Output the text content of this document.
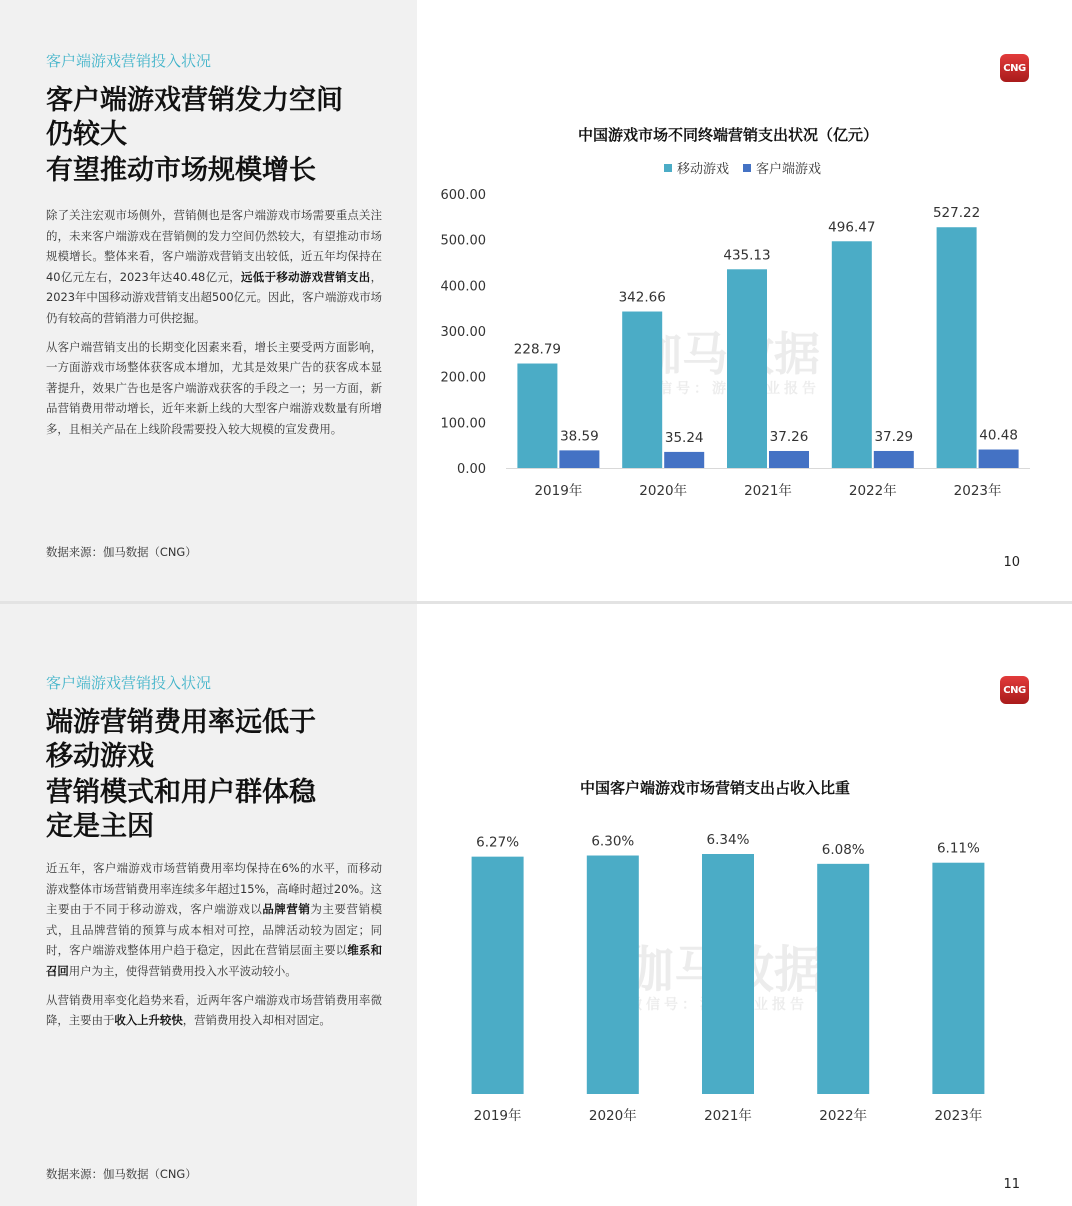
客户端游戏营销投入状况
客户端游戏营销发力空间
仍较大
有望推动市场规模增长

除了关注宏观市场侧外，营销侧也是客户端游戏市场需要重点关注的，未来客户端游戏在营销侧的发力空间仍然较大，有望推动市场规模增长。整体来看，客户端游戏营销支出较低，近五年均保持在40亿元左右，2023年达40.48亿元，远低于移动游戏营销支出，2023年中国移动游戏营销支出超500亿元。因此，客户端游戏市场仍有较高的营销潜力可供挖掘。

从客户端营销支出的长期变化因素来看，增长主要受两方面影响，一方面游戏市场整体获客成本增加，尤其是效果广告的获客成本显著提升，效果广告也是客户端游戏获客的手段之一；另一方面，新品营销费用带动增长，近年来新上线的大型客户端游戏数量有所增多，且相关产品在上线阶段需要投入较大规模的宣发费用。

数据来源：伽马数据（CNG）
CNG
中国游戏市场不同终端营销支出状况（亿元）
移动游戏 客户端游戏
0.00
100.00
200.00
300.00
400.00
500.00
600.00
228.79
38.59
2019年
342.66
35.24
2020年
435.13
37.26
2021年
496.47
37.29
2022年
527.22
40.48
2023年
10
客户端游戏营销投入状况
端游营销费用率远低于
移动游戏
营销模式和用户群体稳
定是主因

近五年，客户端游戏市场营销费用率均保持在6%的水平，而移动游戏整体市场营销费用率连续多年超过15%，高峰时超过20%。这主要由于不同于移动游戏，客户端游戏以品牌营销为主要营销模式，且品牌营销的预算与成本相对可控，品牌活动较为固定；同时，客户端游戏整体用户趋于稳定，因此在营销层面主要以维系和召回用户为主，使得营销费用投入水平波动较小。

从营销费用率变化趋势来看，近两年客户端游戏市场营销费用率微降，主要由于收入上升较快，营销费用投入却相对固定。

数据来源：伽马数据（CNG）
CNG
中国客户端游戏市场营销支出占收入比重
6.27%
2019年
6.30%
2020年
6.34%
2021年
6.08%
2022年
6.11%
2023年
11
